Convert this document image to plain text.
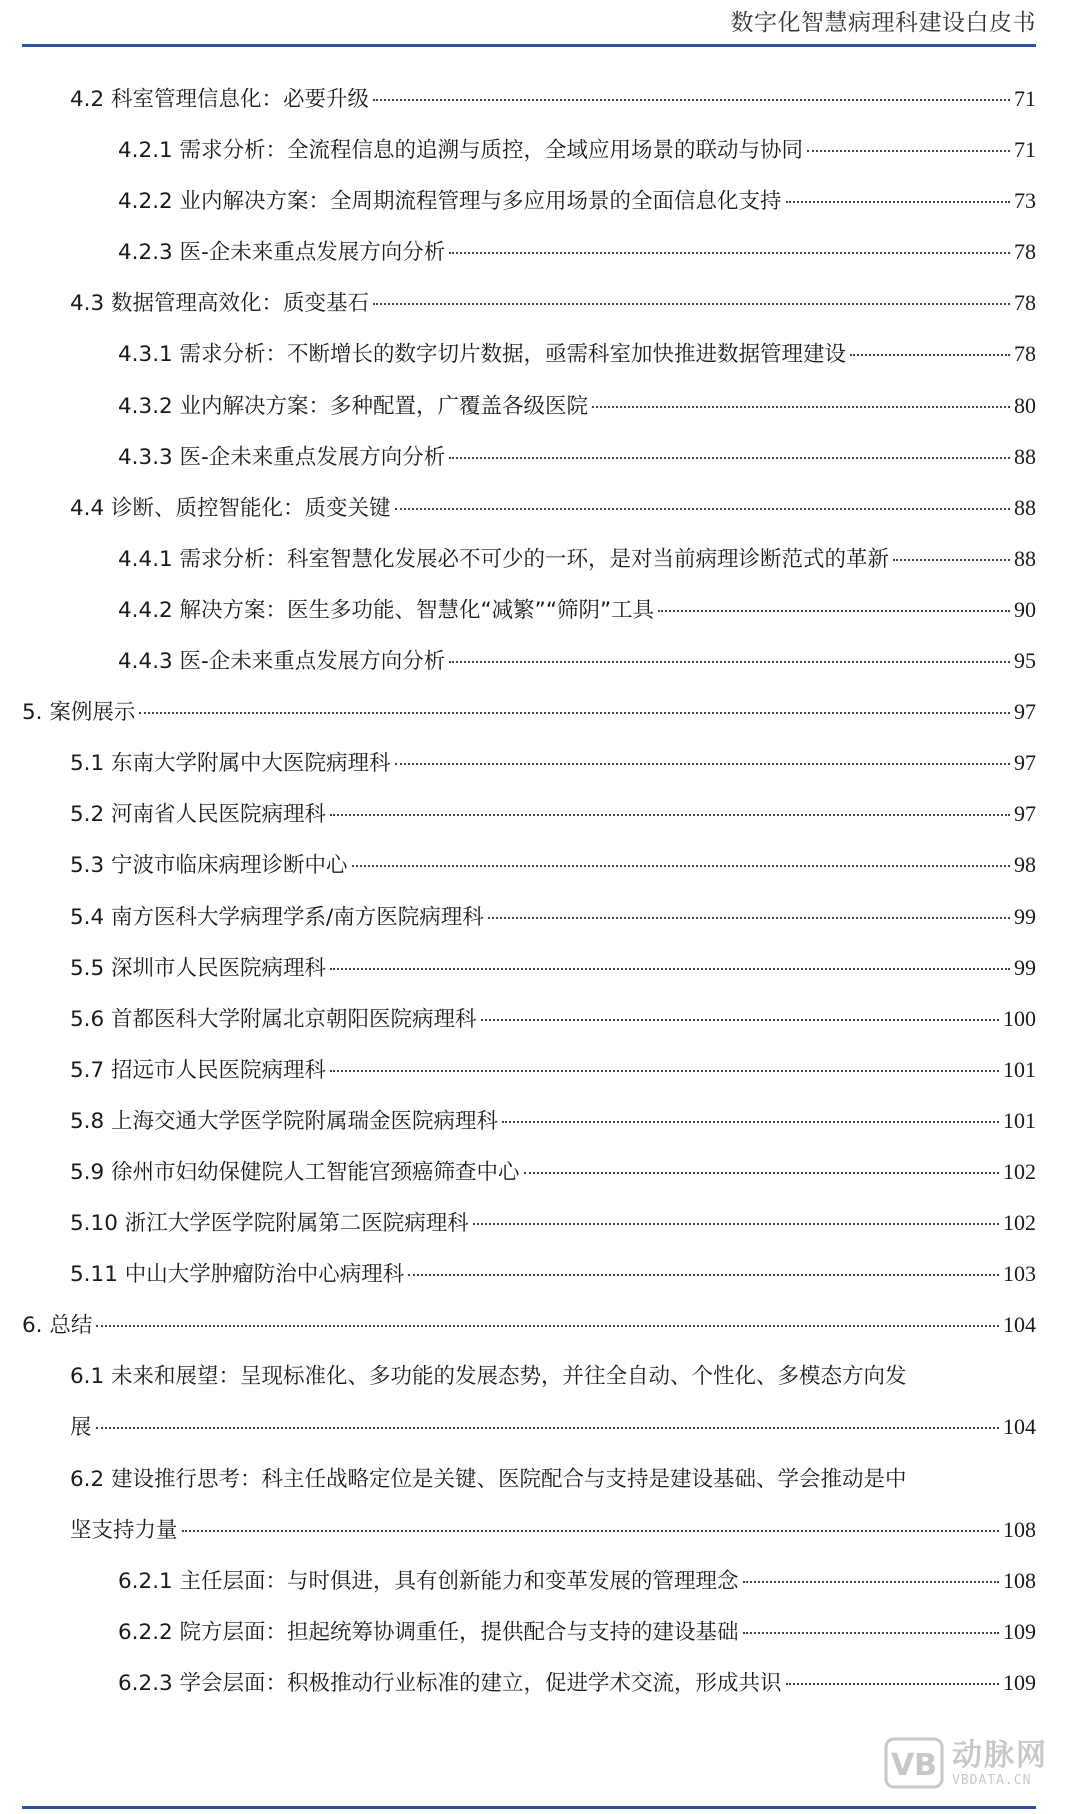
数字化智慧病理科建设白皮书
4.2 科室管理信息化：必要升级	71
4.2.1 需求分析：全流程信息的追溯与质控，全域应用场景的联动与协同	71
4.2.2 业内解决方案：全周期流程管理与多应用场景的全面信息化支持	73
4.2.3 医-企未来重点发展方向分析	78
4.3 数据管理高效化：质变基石	78
4.3.1 需求分析：不断增长的数字切片数据，亟需科室加快推进数据管理建设	78
4.3.2 业内解决方案：多种配置，广覆盖各级医院	80
4.3.3 医-企未来重点发展方向分析	88
4.4 诊断、质控智能化：质变关键	88
4.4.1 需求分析：科室智慧化发展必不可少的一环，是对当前病理诊断范式的革新	88
4.4.2 解决方案：医生多功能、智慧化“减繁”“筛阴”工具	90
4.4.3 医-企未来重点发展方向分析	95
5. 案例展示	97
5.1 东南大学附属中大医院病理科	97
5.2 河南省人民医院病理科	97
5.3 宁波市临床病理诊断中心	98
5.4 南方医科大学病理学系/南方医院病理科	99
5.5 深圳市人民医院病理科	99
5.6 首都医科大学附属北京朝阳医院病理科	100
5.7 招远市人民医院病理科	101
5.8 上海交通大学医学院附属瑞金医院病理科	101
5.9 徐州市妇幼保健院人工智能宫颈癌筛查中心	102
5.10 浙江大学医学院附属第二医院病理科	102
5.11 中山大学肿瘤防治中心病理科	103
6. 总结	104
6.1 未来和展望：呈现标准化、多功能的发展态势，并往全自动、个性化、多模态方向发
展	104
6.2 建设推行思考：科主任战略定位是关键、医院配合与支持是建设基础、学会推动是中
坚支持力量	108
6.2.1 主任层面：与时俱进，具有创新能力和变革发展的管理理念	108
6.2.2 院方层面：担起统筹协调重任，提供配合与支持的建设基础	109
6.2.3 学会层面：积极推动行业标准的建立，促进学术交流，形成共识	109
VB 动脉网
VBDATA.CN
